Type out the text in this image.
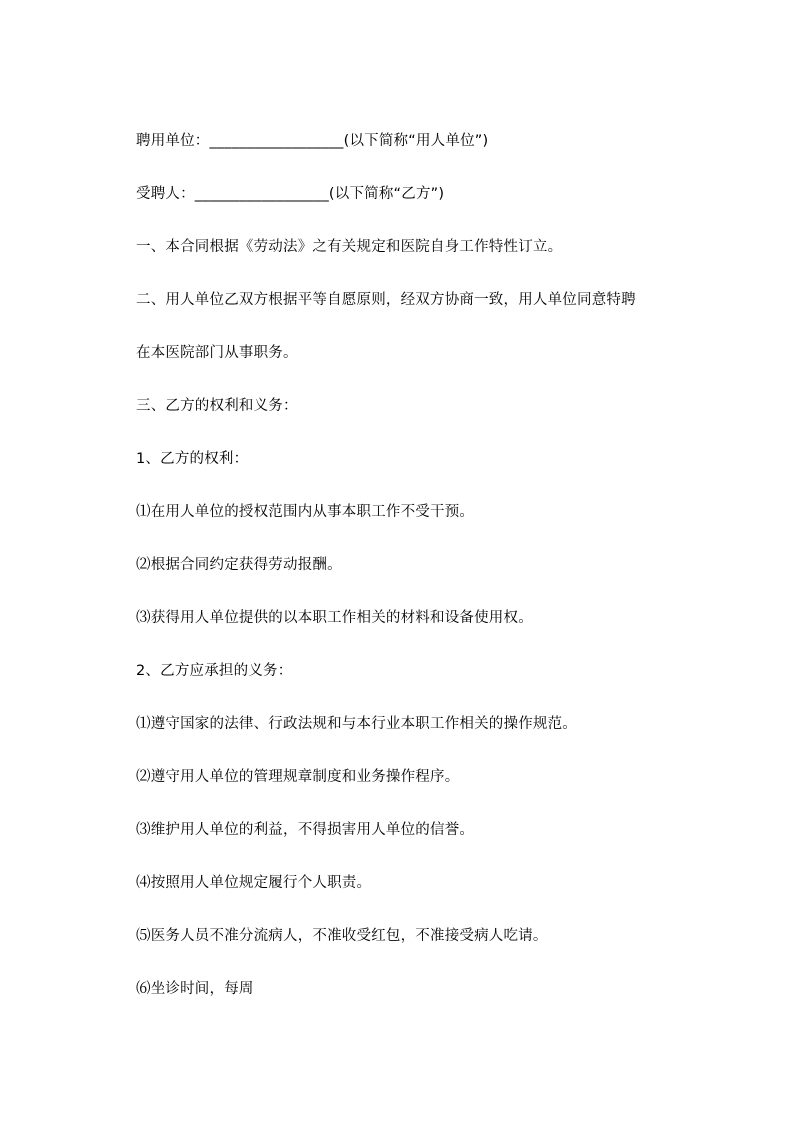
聘用单位：__________________(以下简称“用人单位”)
受聘人：__________________(以下简称“乙方”)
一、本合同根据《劳动法》之有关规定和医院自身工作特性订立。
二、用人单位乙双方根据平等自愿原则，经双方协商一致，用人单位同意特聘
在本医院部门从事职务。
三、乙方的权利和义务：
1、乙方的权利：
⑴在用人单位的授权范围内从事本职工作不受干预。
⑵根据合同约定获得劳动报酬。
⑶获得用人单位提供的以本职工作相关的材料和设备使用权。
2、乙方应承担的义务：
⑴遵守国家的法律、行政法规和与本行业本职工作相关的操作规范。
⑵遵守用人单位的管理规章制度和业务操作程序。
⑶维护用人单位的利益，不得损害用人单位的信誉。
⑷按照用人单位规定履行个人职责。
⑸医务人员不准分流病人，不准收受红包，不准接受病人吃请。
⑹坐诊时间，每周
